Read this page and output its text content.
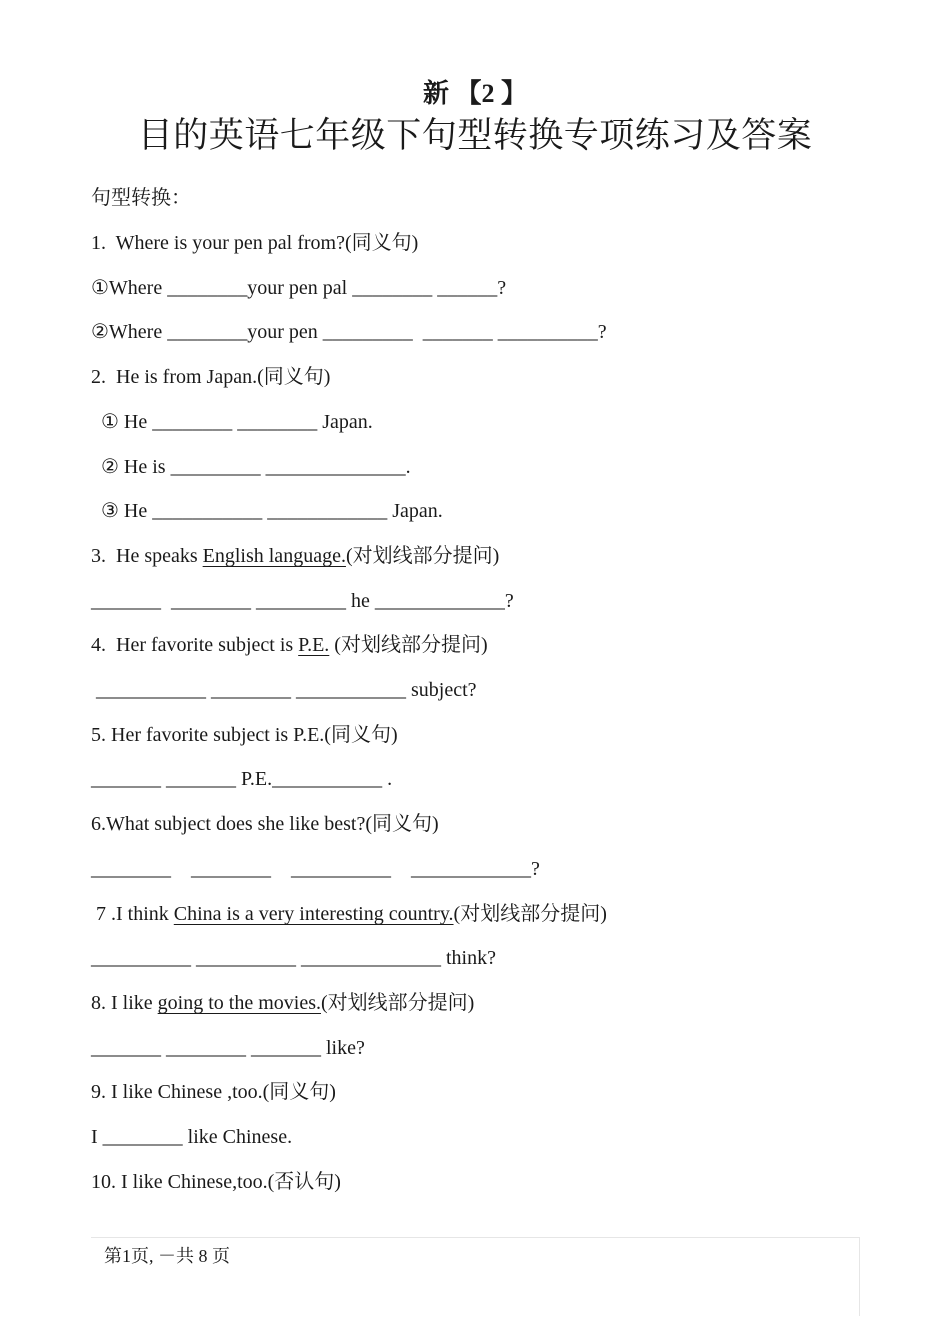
新 【2 】
目的英语七年级下句型转换专项练习及答案
句型转换：
1.  Where is your pen pal from?(同义句)
①Where ________your pen pal ________ ______?
②Where ________your pen _________  _______ __________?
2.  He is from Japan.(同义句)
① He ________ ________ Japan.
② He is _________ ______________.
③ He ___________ ____________ Japan.
3.  He speaks English language.(对划线部分提问)
_______  ________ _________ he _____________?
4.  Her favorite subject is P.E. (对划线部分提问)
___________ ________ ___________ subject?
5. Her favorite subject is P.E.(同义句)
_______ _______ P.E.___________ .
6.What subject does she like best?(同义句)
________    ________    __________    ____________?
7 .I think China is a very interesting country.(对划线部分提问)
__________ __________ ______________ think?
8. I like going to the movies.(对划线部分提问)
_______ ________ _______ like?
9. I like Chinese ,too.(同义句)
I ________ like Chinese.
10. I like Chinese,too.(否认句)
第1页, －共 8 页
